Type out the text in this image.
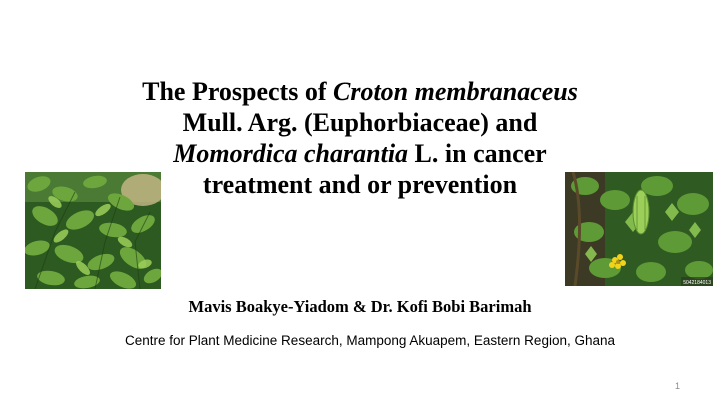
5042184013
The Prospects of Croton membranaceus
Mull. Arg. (Euphorbiaceae) and
Momordica charantia L. in cancer
treatment and or prevention
Mavis Boakye-Yiadom & Dr. Kofi Bobi Barimah
Centre for Plant Medicine Research, Mampong Akuapem, Eastern Region, Ghana
1
